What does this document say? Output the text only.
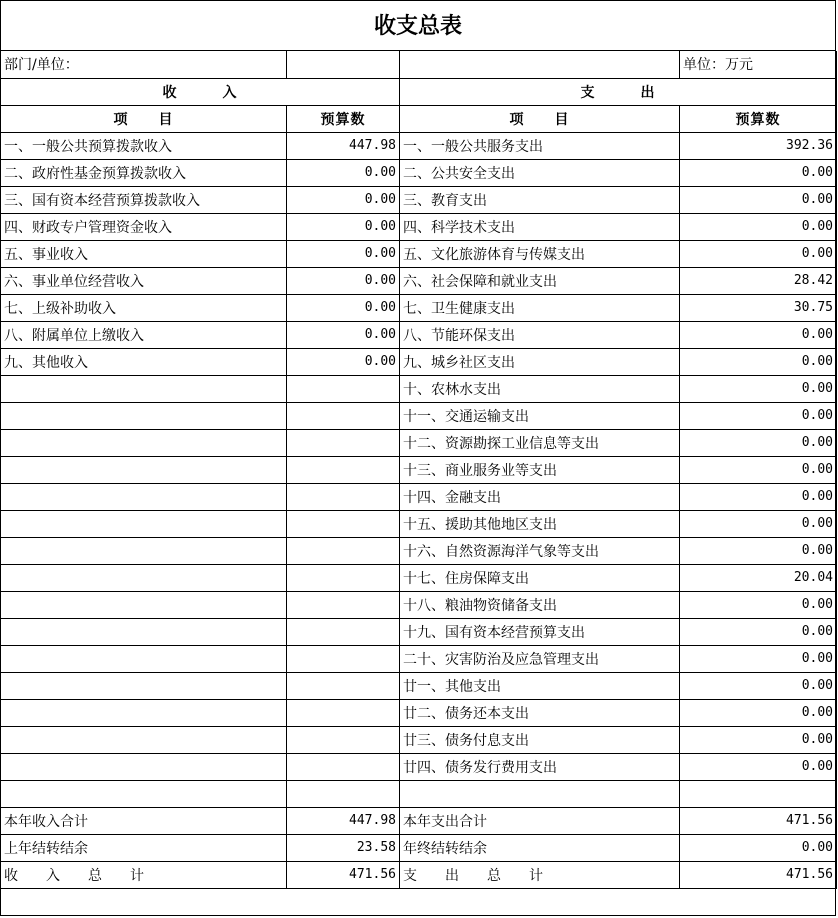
收支总表
部门/单位：			单位：万元
收　　　入		支　　　出	
项　　目	预算数	项　　目	预算数
一、一般公共预算拨款收入	447.98	一、一般公共服务支出	392.36
二、政府性基金预算拨款收入	0.00	二、公共安全支出	0.00
三、国有资本经营预算拨款收入	0.00	三、教育支出	0.00
四、财政专户管理资金收入	0.00	四、科学技术支出	0.00
五、事业收入	0.00	五、文化旅游体育与传媒支出	0.00
六、事业单位经营收入	0.00	六、社会保障和就业支出	28.42
七、上级补助收入	0.00	七、卫生健康支出	30.75
八、附属单位上缴收入	0.00	八、节能环保支出	0.00
九、其他收入	0.00	九、城乡社区支出	0.00
		十、农林水支出	0.00
		十一、交通运输支出	0.00
		十二、资源勘探工业信息等支出	0.00
		十三、商业服务业等支出	0.00
		十四、金融支出	0.00
		十五、援助其他地区支出	0.00
		十六、自然资源海洋气象等支出	0.00
		十七、住房保障支出	20.04
		十八、粮油物资储备支出	0.00
		十九、国有资本经营预算支出	0.00
		二十、灾害防治及应急管理支出	0.00
		廿一、其他支出	0.00
		廿二、债务还本支出	0.00
		廿三、债务付息支出	0.00
		廿四、债务发行费用支出	0.00

本年收入合计	447.98	本年支出合计	471.56
上年结转结余	23.58	年终结转结余	0.00
收　　入　　总　　计	471.56	支　　出　　总　　计	471.56
